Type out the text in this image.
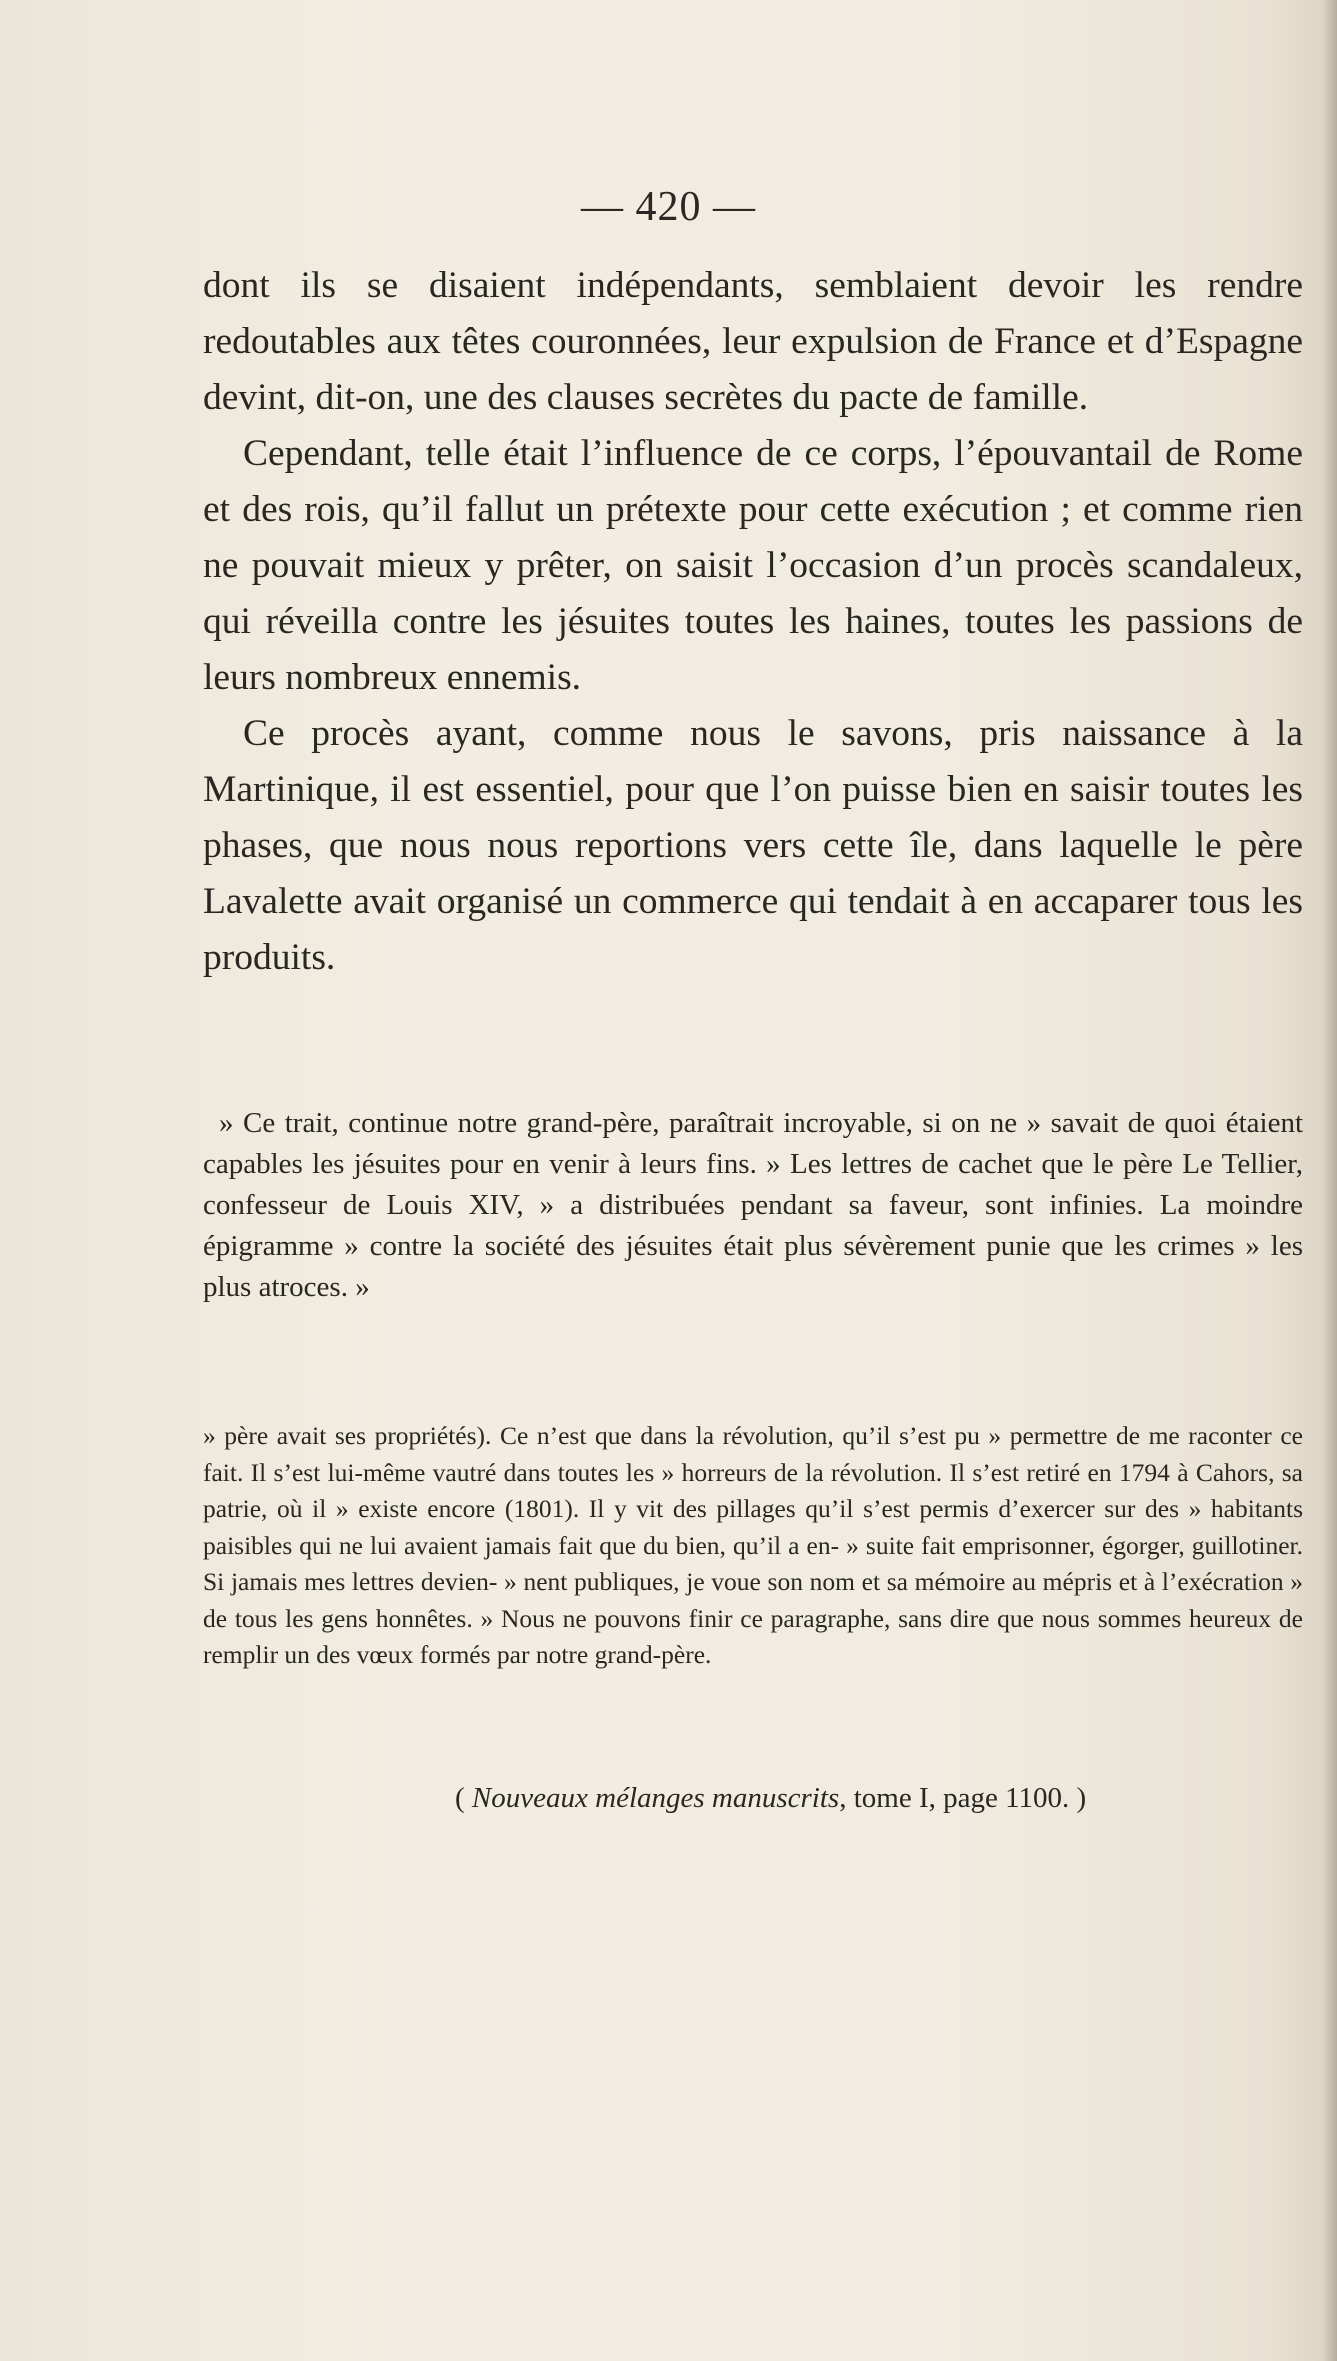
— 420 —

dont ils se disaient indépendants, semblaient devoir les rendre redoutables aux têtes couronnées, leur expulsion de France et d’Espagne devint, dit-on, une des clauses secrètes du pacte de famille.

Cependant, telle était l’influence de ce corps, l’épouvantail de Rome et des rois, qu’il fallut un prétexte pour cette exécution ; et comme rien ne pouvait mieux y prêter, on saisit l’occasion d’un procès scandaleux, qui réveilla contre les jésuites toutes les haines, toutes les passions de leurs nombreux ennemis.

Ce procès ayant, comme nous le savons, pris naissance à la Martinique, il est essentiel, pour que l’on puisse bien en saisir toutes les phases, que nous nous reportions vers cette île, dans laquelle le père Lavalette avait organisé un commerce qui tendait à en accaparer tous les produits.

» Ce trait, continue notre grand-père, paraîtrait incroyable, si on ne » savait de quoi étaient capables les jésuites pour en venir à leurs fins. » Les lettres de cachet que le père Le Tellier, confesseur de Louis XIV, » a distribuées pendant sa faveur, sont infinies. La moindre épigramme » contre la société des jésuites était plus sévèrement punie que les crimes » les plus atroces. »

» père avait ses propriétés). Ce n’est que dans la révolution, qu’il s’est pu » permettre de me raconter ce fait. Il s’est lui-même vautré dans toutes les » horreurs de la révolution. Il s’est retiré en 1794 à Cahors, sa patrie, où il » existe encore (1801). Il y vit des pillages qu’il s’est permis d’exercer sur des » habitants paisibles qui ne lui avaient jamais fait que du bien, qu’il a en- » suite fait emprisonner, égorger, guillotiner. Si jamais mes lettres devien- » nent publiques, je voue son nom et sa mémoire au mépris et à l’exécration » de tous les gens honnêtes. » Nous ne pouvons finir ce paragraphe, sans dire que nous sommes heureux de remplir un des vœux formés par notre grand-père.

( Nouveaux mélanges manuscrits, tome I, page 1100. )
